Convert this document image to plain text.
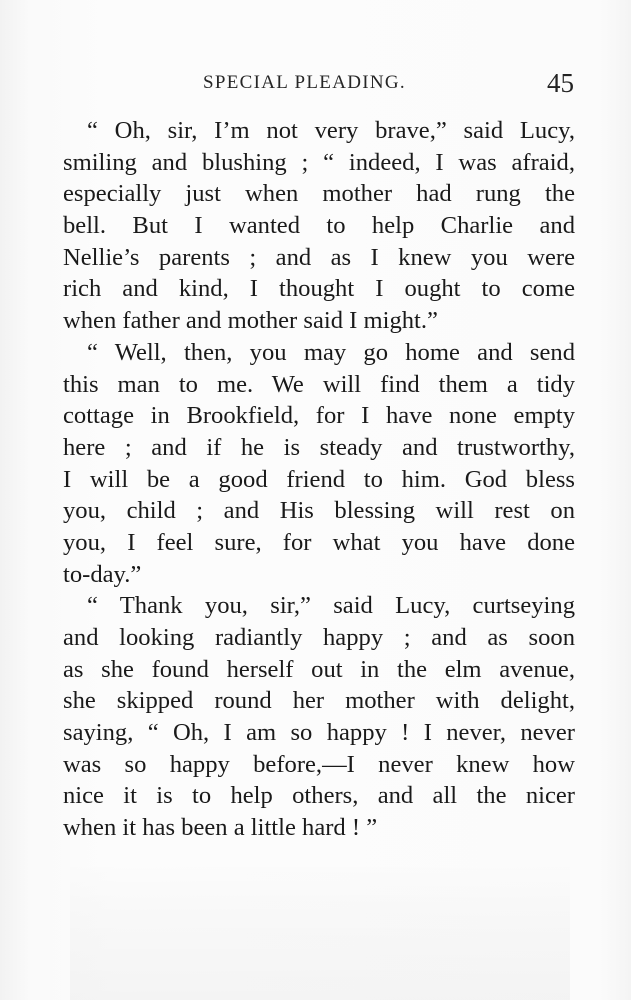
SPECIAL PLEADING.	45
“ Oh, sir, I’m not very brave,” said Lucy,
smiling and blushing ; “ indeed, I was afraid,
especially just when mother had rung the
bell. But I wanted to help Charlie and
Nellie’s parents ; and as I knew you were
rich and kind, I thought I ought to come
when father and mother said I might.”
“ Well, then, you may go home and send
this man to me. We will find them a tidy
cottage in Brookfield, for I have none empty
here ; and if he is steady and trustworthy,
I will be a good friend to him. God bless
you, child ; and His blessing will rest on
you, I feel sure, for what you have done
to-day.”
“ Thank you, sir,” said Lucy, curtseying
and looking radiantly happy ; and as soon
as she found herself out in the elm avenue,
she skipped round her mother with delight,
saying, “ Oh, I am so happy ! I never, never
was so happy before,—I never knew how
nice it is to help others, and all the nicer
when it has been a little hard ! ”
